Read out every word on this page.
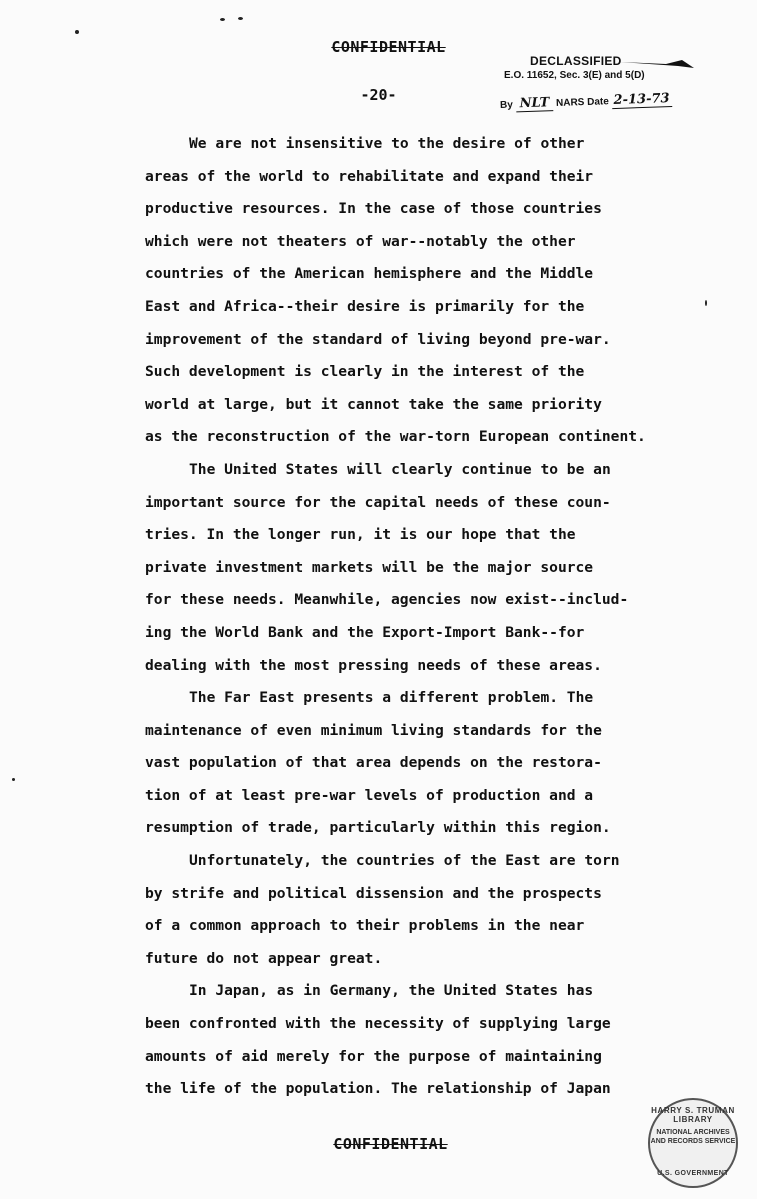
CONFIDENTIAL
-20-
DECLASSIFIED
E.O. 11652, Sec. 3(E) and 5(D)
By NLT NARS Date 2-13-73
We are not insensitive to the desire of other
areas of the world to rehabilitate and expand their
productive resources. In the case of those countries
which were not theaters of war--notably the other
countries of the American hemisphere and the Middle
East and Africa--their desire is primarily for the
improvement of the standard of living beyond pre-war.
Such development is clearly in the interest of the
world at large, but it cannot take the same priority
as the reconstruction of the war-torn European continent.
The United States will clearly continue to be an
important source for the capital needs of these coun-
tries. In the longer run, it is our hope that the
private investment markets will be the major source
for these needs. Meanwhile, agencies now exist--includ-
ing the World Bank and the Export-Import Bank--for
dealing with the most pressing needs of these areas.
The Far East presents a different problem. The
maintenance of even minimum living standards for the
vast population of that area depends on the restora-
tion of at least pre-war levels of production and a
resumption of trade, particularly within this region.
Unfortunately, the countries of the East are torn
by strife and political dissension and the prospects
of a common approach to their problems in the near
future do not appear great.
In Japan, as in Germany, the United States has
been confronted with the necessity of supplying large
amounts of aid merely for the purpose of maintaining
the life of the population. The relationship of Japan
CONFIDENTIAL
HARRY S. TRUMAN LIBRARY
NATIONAL ARCHIVES AND RECORDS SERVICE
U.S. GOVERNMENT
